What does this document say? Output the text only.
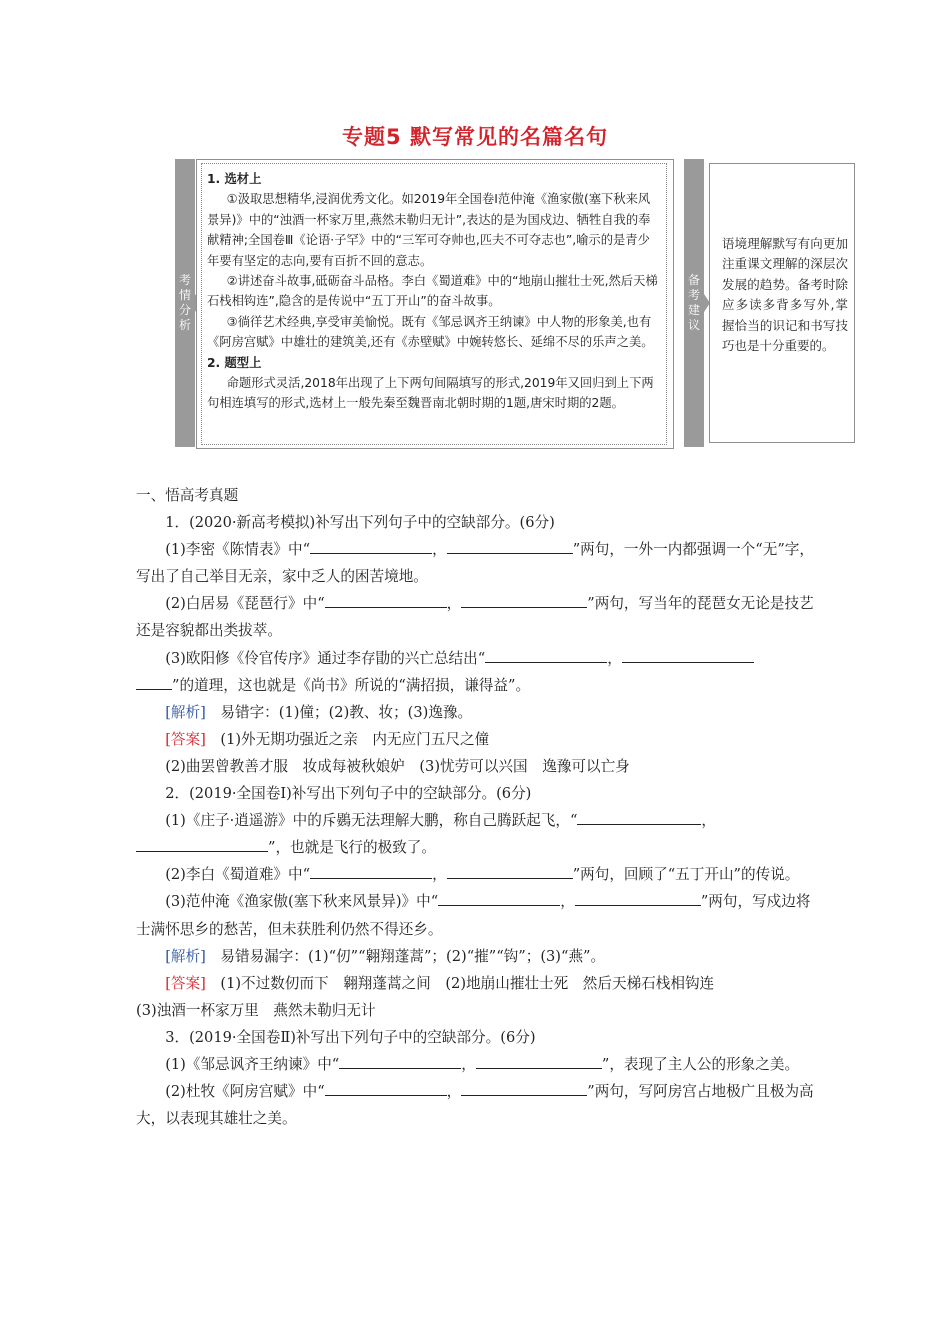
专题5 默写常见的名篇名句
考情分析

1. 选材上

①汲取思想精华,浸润优秀文化。如2019年全国卷Ⅰ范仲淹《渔家傲(塞下秋来风景异)》中的“浊酒一杯家万里,燕然未勒归无计”,表达的是为国戍边、牺牲自我的奉献精神;全国卷Ⅲ《论语·子罕》中的“三军可夺帅也,匹夫不可夺志也”,喻示的是青少年要有坚定的志向,要有百折不回的意志。

②讲述奋斗故事,砥砺奋斗品格。李白《蜀道难》中的“地崩山摧壮士死,然后天梯石栈相钩连”,隐含的是传说中“五丁开山”的奋斗故事。

③徜徉艺术经典,享受审美愉悦。既有《邹忌讽齐王纳谏》中人物的形象美,也有《阿房宫赋》中雄壮的建筑美,还有《赤壁赋》中婉转悠长、延绵不尽的乐声之美。

2. 题型上

命题形式灵活,2018年出现了上下两句间隔填写的形式,2019年又回归到上下两句相连填写的形式,选材上一般先秦至魏晋南北朝时期的1题,唐宋时期的2题。

备考建议
语境理解默写有向更加注重课文理解的深层次发展的趋势。备考时除应多读多背多写外,掌握恰当的识记和书写技巧也是十分重要的。

一、悟高考真题

1．(2020·新高考模拟)补写出下列句子中的空缺部分。(6分)

(1)李密《陈情表》中“	，	”两句，一外一内都强调一个“无”字，写出了自己举目无亲，家中乏人的困苦境地。

(2)白居易《琵琶行》中“	，	”两句，写当年的琵琶女无论是技艺还是容貌都出类拔萃。

(3)欧阳修《伶官传序》通过李存勖的兴亡总结出“	，
”的道理，这也就是《尚书》所说的“满招损，谦得益”。

[解析]　 易错字：(1)僮；(2)教、妆；(3)逸豫。

[答案]　 (1)外无期功强近之亲　内无应门五尺之僮

(2)曲罢曾教善才服　妆成每被秋娘妒　(3)忧劳可以兴国　逸豫可以亡身

2．(2019·全国卷Ⅰ)补写出下列句子中的空缺部分。(6分)

(1)《庄子·逍遥游》中的斥鷃无法理解大鹏，称自己腾跃起飞，“	，
”，也就是飞行的极致了。

(2)李白《蜀道难》中“	，	”两句，回顾了“五丁开山”的传说。

(3)范仲淹《渔家傲(塞下秋来风景异)》中“	，	”两句，写戍边将士满怀思乡的愁苦，但未获胜利仍然不得还乡。

[解析]　 易错易漏字：(1)“仞”“翱翔蓬蒿”；(2)“摧”“钩”；(3)“燕”。

[答案]　 (1)不过数仞而下　翱翔蓬蒿之间　(2)地崩山摧壮士死　然后天梯石栈相钩连

(3)浊酒一杯家万里　燕然未勒归无计

3．(2019·全国卷Ⅱ)补写出下列句子中的空缺部分。(6分)

(1)《邹忌讽齐王纳谏》中“	，	”，表现了主人公的形象之美。

(2)杜牧《阿房宫赋》中“	，	”两句，写阿房宫占地极广且极为高大，以表现其雄壮之美。
